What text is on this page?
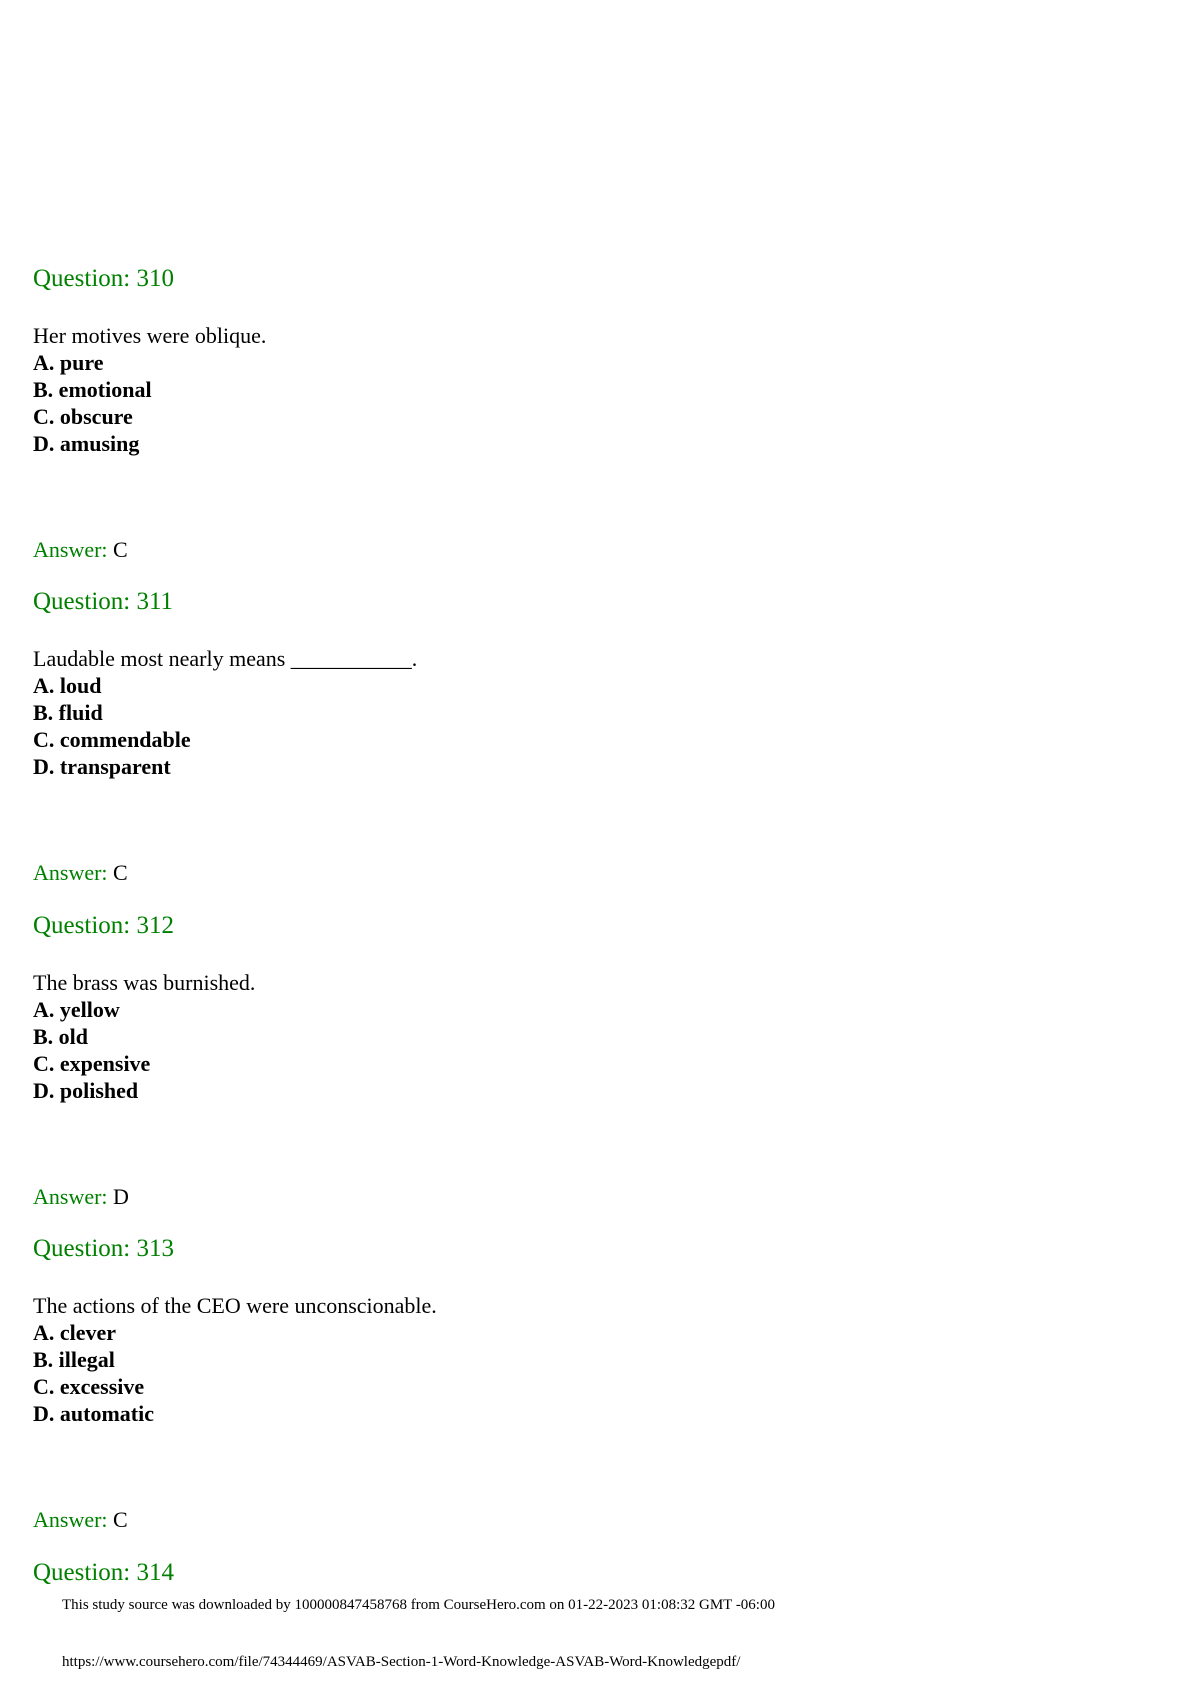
Question: 310

Her motives were oblique.

A. pure
B. emotional
C. obscure
D. amusing

Answer: C

Question: 311

Laudable most nearly means ___________.

A. loud
B. fluid
C. commendable
D. transparent

Answer: C

Question: 312

The brass was burnished.

A. yellow
B. old
C. expensive
D. polished

Answer: D

Question: 313

The actions of the CEO were unconscionable.

A. clever
B. illegal
C. excessive
D. automatic

Answer: C

Question: 314

This study source was downloaded by 100000847458768 from CourseHero.com on 01-22-2023 01:08:32 GMT -06:00

https://www.coursehero.com/file/74344469/ASVAB-Section-1-Word-Knowledge-ASVAB-Word-Knowledgepdf/
